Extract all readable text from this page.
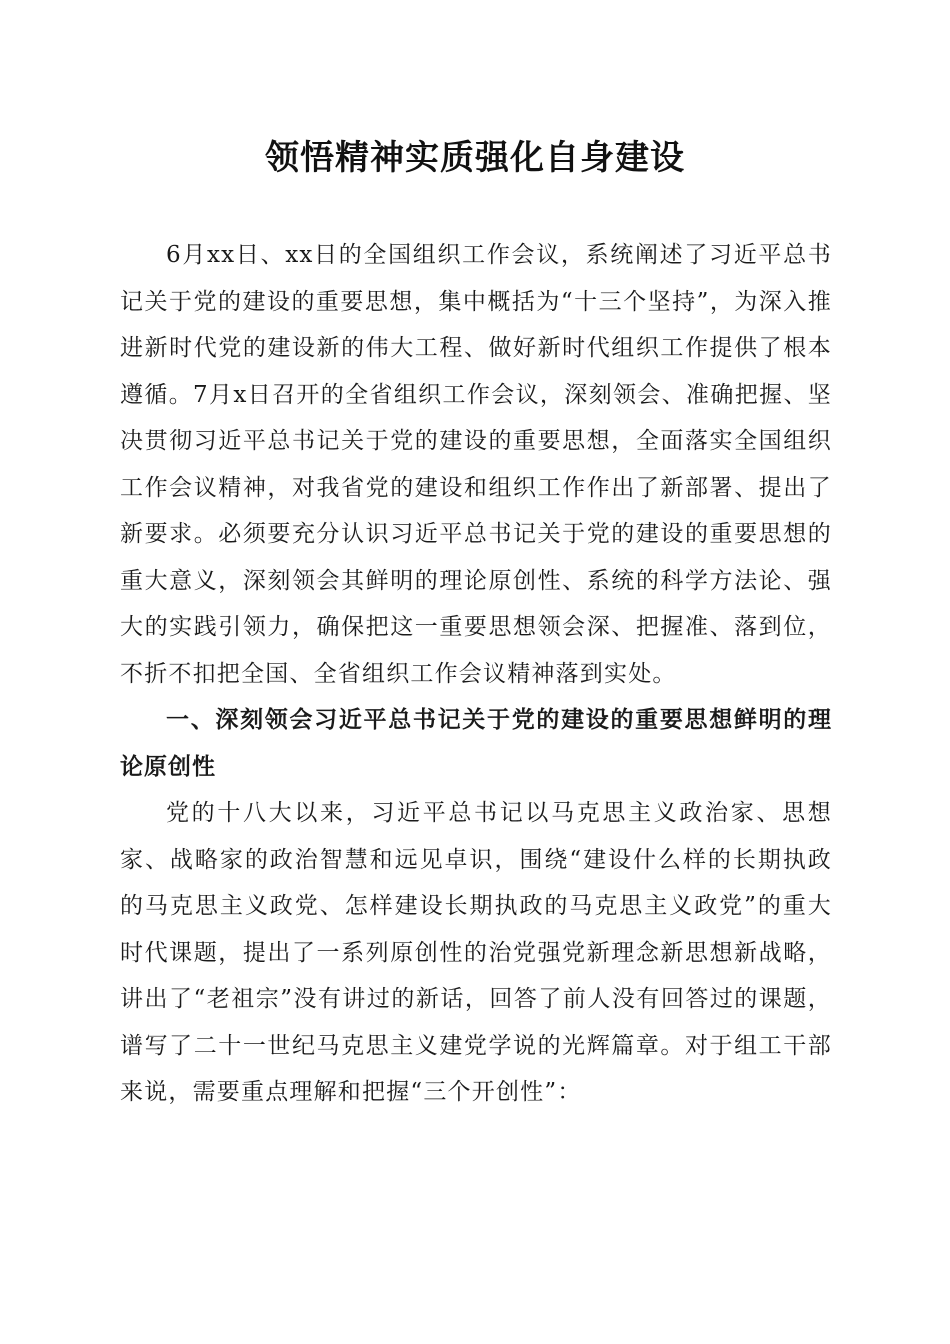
领悟精神实质强化自身建设

6月xx日、xx日的全国组织工作会议，系统阐述了习近平总书记关于党的建设的重要思想，集中概括为“十三个坚持”，为深入推进新时代党的建设新的伟大工程、做好新时代组织工作提供了根本遵循。7月x日召开的全省组织工作会议，深刻领会、准确把握、坚决贯彻习近平总书记关于党的建设的重要思想，全面落实全国组织工作会议精神，对我省党的建设和组织工作作出了新部署、提出了新要求。必须要充分认识习近平总书记关于党的建设的重要思想的重大意义，深刻领会其鲜明的理论原创性、系统的科学方法论、强大的实践引领力，确保把这一重要思想领会深、把握准、落到位，不折不扣把全国、全省组织工作会议精神落到实处。

一、深刻领会习近平总书记关于党的建设的重要思想鲜明的理论原创性

党的十八大以来，习近平总书记以马克思主义政治家、思想家、战略家的政治智慧和远见卓识，围绕“建设什么样的长期执政的马克思主义政党、怎样建设长期执政的马克思主义政党”的重大时代课题，提出了一系列原创性的治党强党新理念新思想新战略，讲出了“老祖宗”没有讲过的新话，回答了前人没有回答过的课题，谱写了二十一世纪马克思主义建党学说的光辉篇章。对于组工干部来说，需要重点理解和把握“三个开创性”：
